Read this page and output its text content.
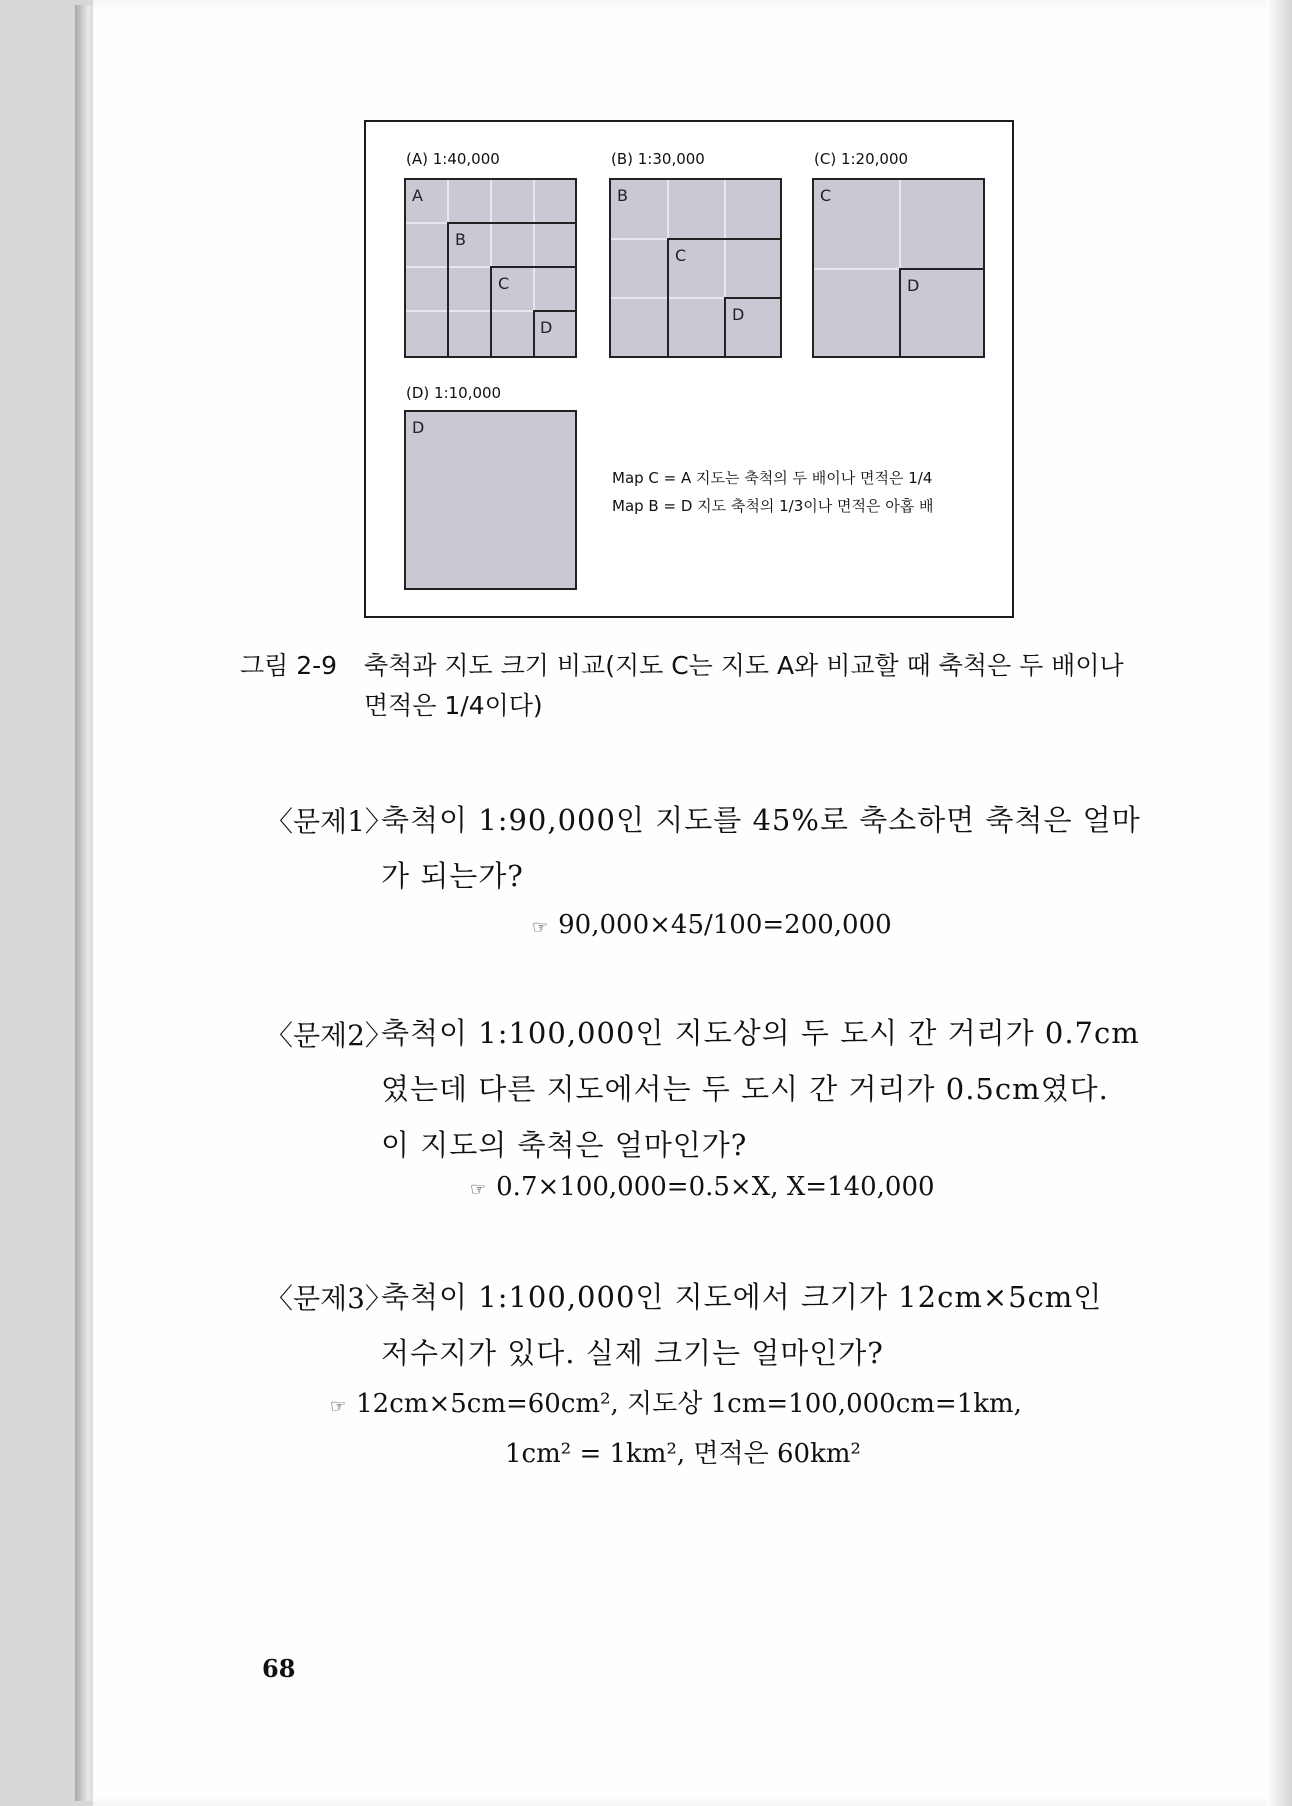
(A) 1:40,000
A
B
C
D
(B) 1:30,000
B
C
D
(C) 1:20,000
C
D
(D) 1:10,000
D
Map C = A 지도는 축척의 두 배이나 면적은 1/4
Map B = D 지도 축척의 1/3이나 면적은 아홉 배
그림 2-9 축척과 지도 크기 비교(지도 C는 지도 A와 비교할 때 축척은 두 배이나 면적은 1/4이다)
〈문제1〉
축척이 1:90,000인 지도를 45%로 축소하면 축척은 얼마가 되는가?
☞ 90,000×45/100=200,000
〈문제2〉
축척이 1:100,000인 지도상의 두 도시 간 거리가 0.7cm였는데 다른 지도에서는 두 도시 간 거리가 0.5cm였다. 이 지도의 축척은 얼마인가?
☞ 0.7×100,000=0.5×X, X=140,000
〈문제3〉
축척이 1:100,000인 지도에서 크기가 12cm×5cm인 저수지가 있다. 실제 크기는 얼마인가?
☞ 12cm×5cm=60cm², 지도상 1cm=100,000cm=1km,
1cm² = 1km², 면적은 60km²
68
